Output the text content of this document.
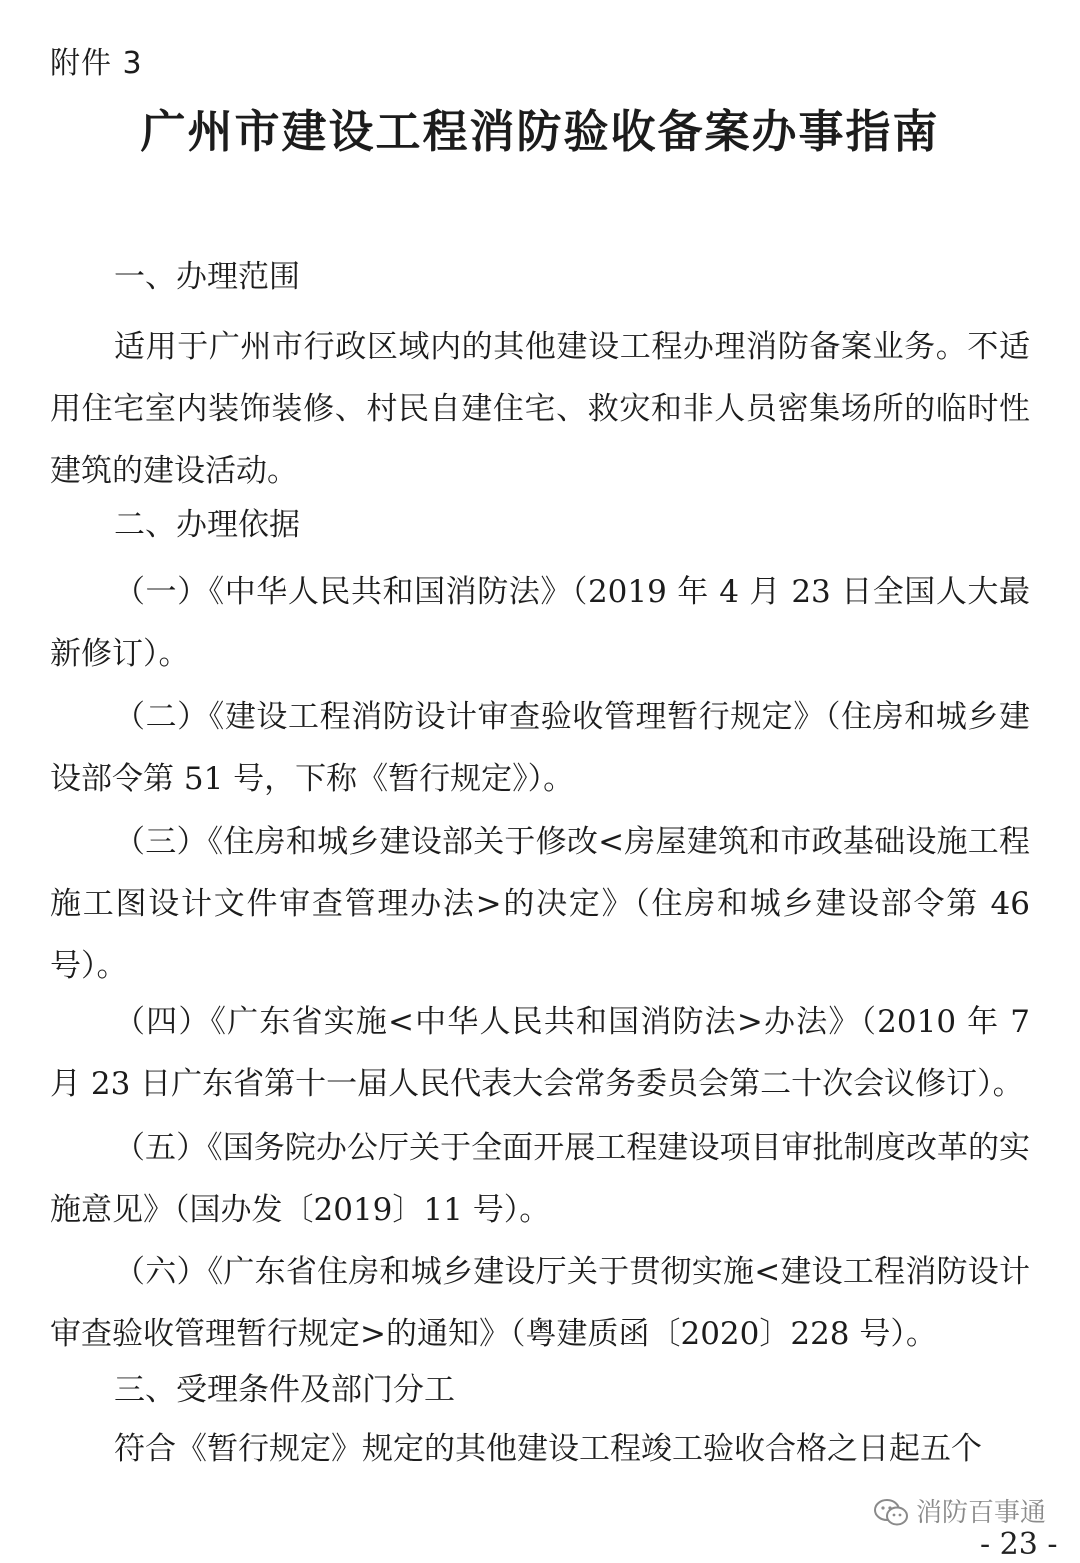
附件 3
广州市建设工程消防验收备案办事指南
一、办理范围

适用于广州市行政区域内的其他建设工程办理消防备案业务。不适用住宅室内装饰装修、村民自建住宅、救灾和非人员密集场所的临时性建筑的建设活动。

二、办理依据

（一）《中华人民共和国消防法》（2019 年 4 月 23 日全国人大最新修订）。

（二）《建设工程消防设计审查验收管理暂行规定》（住房和城乡建设部令第 51 号，下称《暂行规定》）。

（三）《住房和城乡建设部关于修改<房屋建筑和市政基础设施工程施工图设计文件审查管理办法>的决定》（住房和城乡建设部令第 46 号）。

（四）《广东省实施<中华人民共和国消防法>办法》（2010 年 7 月 23 日广东省第十一届人民代表大会常务委员会第二十次会议修订）。

（五）《国务院办公厅关于全面开展工程建设项目审批制度改革的实施意见》（国办发〔2019〕11 号）。

（六）《广东省住房和城乡建设厅关于贯彻实施<建设工程消防设计审查验收管理暂行规定>的通知》（粤建质函〔2020〕228 号）。

三、受理条件及部门分工

符合《暂行规定》规定的其他建设工程竣工验收合格之日起五个

消防百事通
- 23 -
